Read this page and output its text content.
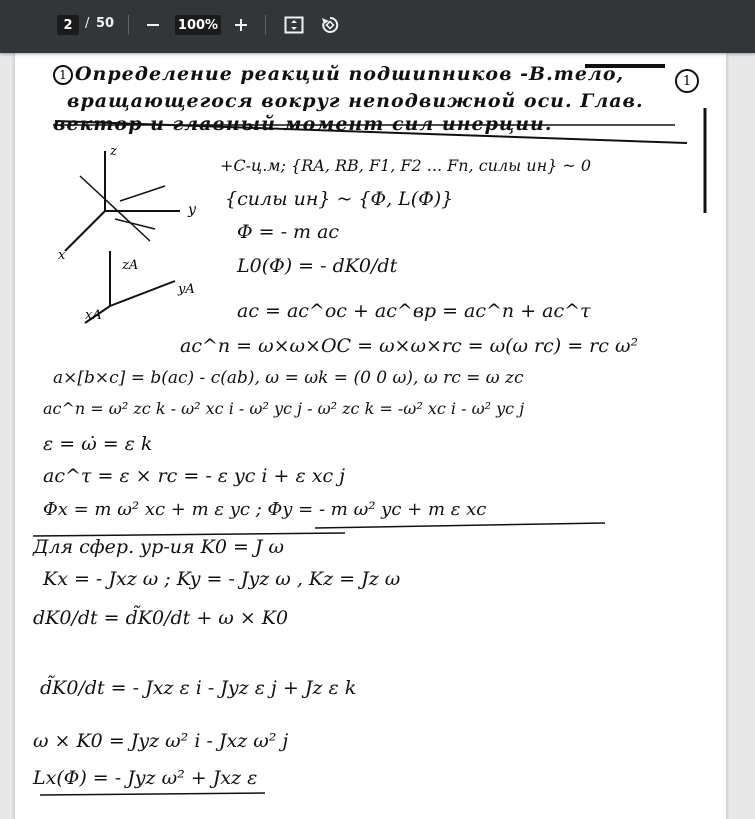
2 / 50	100%
1	1
Определение реакций подшипников -В.тело,
вращающегося вокруг неподвижной оси. Глав.
вектор и главный момент сил инерции.
z
y
x
zA
yA
xA
+C-ц.м; {RA, RB, F1, F2 ... Fn, силы ин} ~ 0
{силы ин} ~ {Φ, L(Φ)}
Φ = - m ac
L0(Φ) = - dK0/dt
ac = ac^ос + ac^вр = ac^n + ac^τ
ac^n = ω×ω×OC = ω×ω×rc = ω(ω rc) = rc ω²
a×[b×c] = b(ac) - c(ab), ω = ωk = (0 0 ω), ω rc = ω zc
ac^n = ω² zc k - ω² xc i - ω² yc j - ω² zc k = -ω² xc i - ω² yc j
ε = ω̇ = ε k
ac^τ = ε × rc = - ε yc i + ε xc j
Φx = m ω² xc + m ε yc ; Φy = - m ω² yc + m ε xc
Для сфер. ур-ия K0 = J ω
Kx = - Jxz ω ; Ky = - Jyz ω , Kz = Jz ω
dK0/dt = d̃K0/dt + ω × K0
d̃K0/dt = - Jxz ε i - Jyz ε j + Jz ε k
ω × K0 = Jyz ω² i - Jxz ω² j
Lx(Φ) = - Jyz ω² + Jxz ε
